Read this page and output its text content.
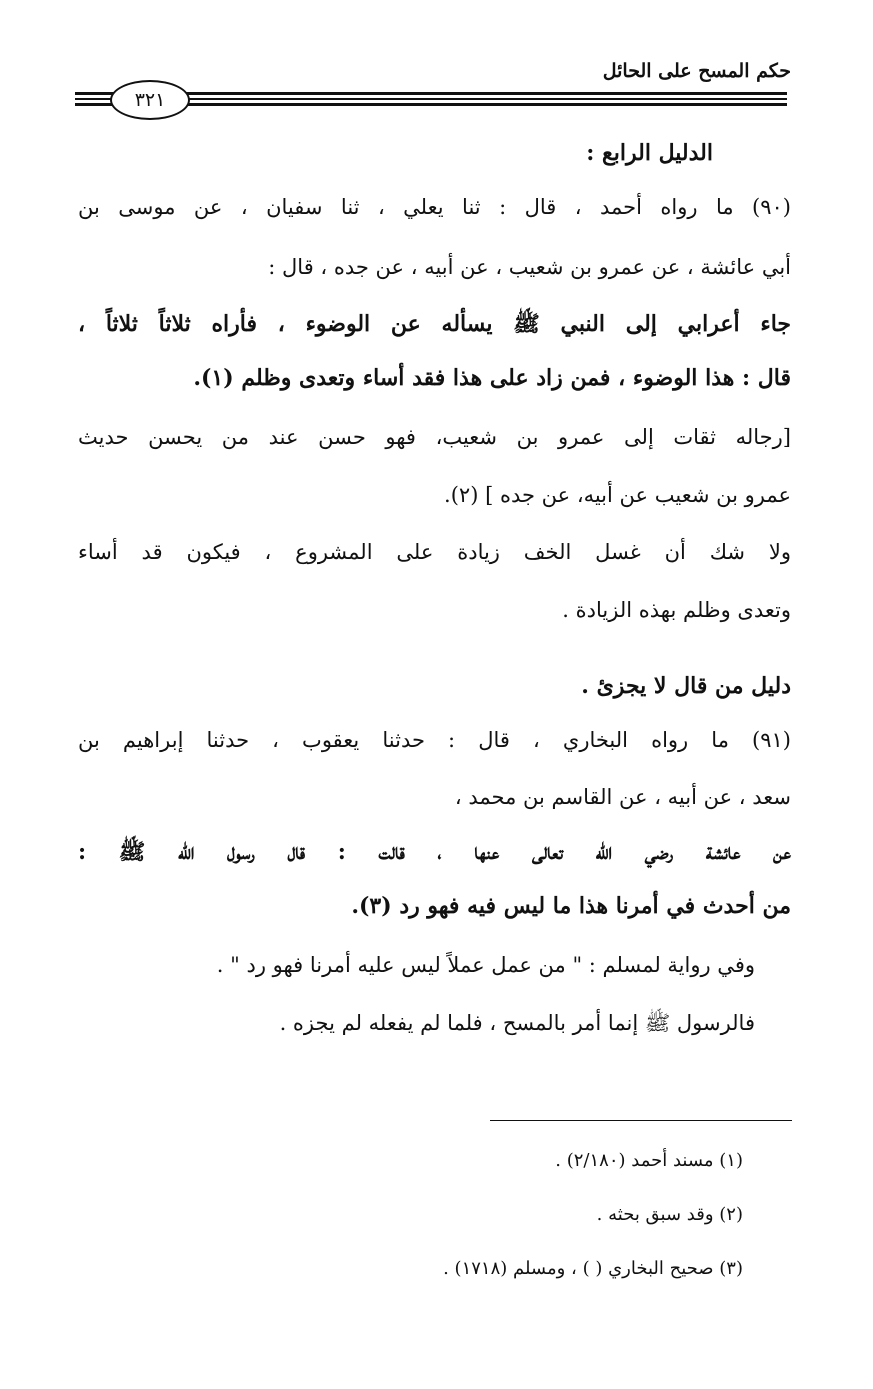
حكم المسح على الحائل
٣٢١
الدليل الرابع :
(٩٠) ما رواه أحمد ، قال : ثنا يعلي ، ثنا سفيان ، عن موسى بن
أبي عائشة ، عن عمرو بن شعيب ، عن أبيه ، عن جده ، قال :
جاء أعرابي إلى النبي ﷺ يسأله عن الوضوء ، فأراه ثلاثاً ثلاثاً ،
قال : هذا الوضوء ، فمن زاد على هذا فقد أساء وتعدى وظلم (١).
[رجاله ثقات إلى عمرو بن شعيب، فهو حسن عند من يحسن حديث
عمرو بن شعيب عن أبيه، عن جده ] (٢).
ولا شك أن غسل الخف زيادة على المشروع ، فيكون قد أساء
وتعدى وظلم بهذه الزيادة .
دليل من قال لا يجزئ .
(٩١) ما رواه البخاري ، قال : حدثنا يعقوب ، حدثنا إبراهيم بن
سعد ، عن أبيه ، عن القاسم بن محمد ،
عن عائشة رضي الله تعالى عنها ، قالت : قال رسول الله ﷺ :
من أحدث في أمرنا هذا ما ليس فيه فهو رد (٣).
وفي رواية لمسلم : " من عمل عملاً ليس عليه أمرنا فهو رد " .
فالرسول ﷺ إنما أمر بالمسح ، فلما لم يفعله لم يجزه .
(١) مسند أحمد (٢/١٨٠) .
(٢) وقد سبق بحثه .
(٣) صحيح البخاري ( ) ، ومسلم (١٧١٨) .
